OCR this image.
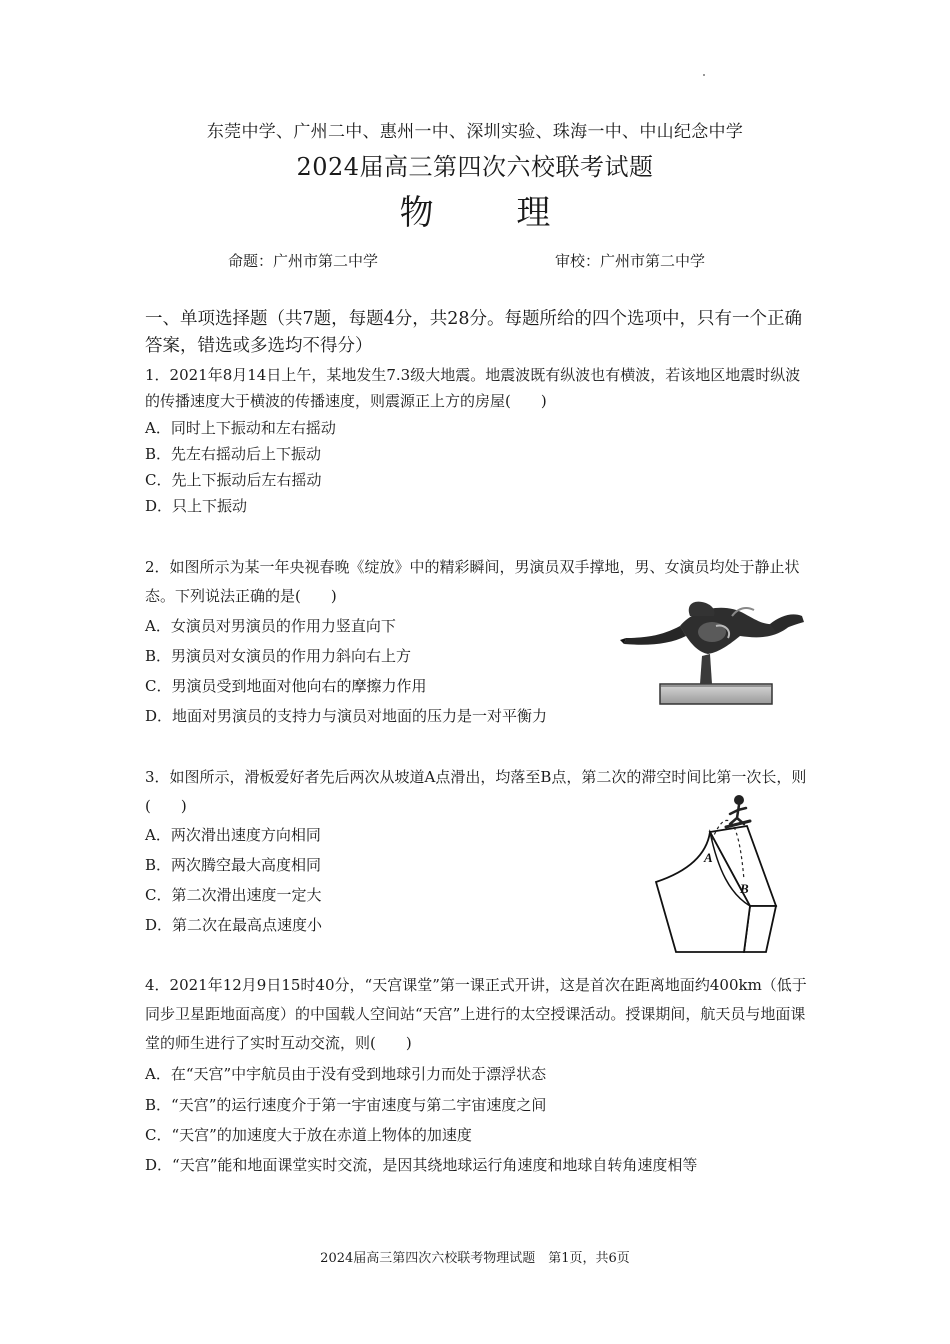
东莞中学、广州二中、惠州一中、深圳实验、珠海一中、中山纪念中学
2024届高三第四次六校联考试题
物 理
命题：广州市第二中学	审校：广州市第二中学
一、单项选择题（共7题，每题4分，共28分。每题所给的四个选项中，只有一个正确答案，错选或多选均不得分）
1．2021年8月14日上午，某地发生7.3级大地震。地震波既有纵波也有横波，若该地区地震时纵波的传播速度大于横波的传播速度，则震源正上方的房屋(　　)
A．同时上下振动和左右摇动
B．先左右摇动后上下振动
C．先上下振动后左右摇动
D．只上下振动
2．如图所示为某一年央视春晚《绽放》中的精彩瞬间，男演员双手撑地，男、女演员均处于静止状态。下列说法正确的是(　　)
A．女演员对男演员的作用力竖直向下
B．男演员对女演员的作用力斜向右上方
C．男演员受到地面对他向右的摩擦力作用
D．地面对男演员的支持力与演员对地面的压力是一对平衡力
3．如图所示，滑板爱好者先后两次从坡道A点滑出，均落至B点，第二次的滞空时间比第一次长，则(　　)
A．两次滑出速度方向相同
B．两次腾空最大高度相同
C．第二次滑出速度一定大
D．第二次在最高点速度小
A
B
4．2021年12月9日15时40分，“天宫课堂”第一课正式开讲，这是首次在距离地面约400km（低于同步卫星距地面高度）的中国载人空间站“天宫”上进行的太空授课活动。授课期间，航天员与地面课堂的师生进行了实时互动交流，则(　　)
A．在“天宫”中宇航员由于没有受到地球引力而处于漂浮状态
B．“天宫”的运行速度介于第一宇宙速度与第二宇宙速度之间
C．“天宫”的加速度大于放在赤道上物体的加速度
D．“天宫”能和地面课堂实时交流，是因其绕地球运行角速度和地球自转角速度相等
2024届高三第四次六校联考物理试题　第1页，共6页
